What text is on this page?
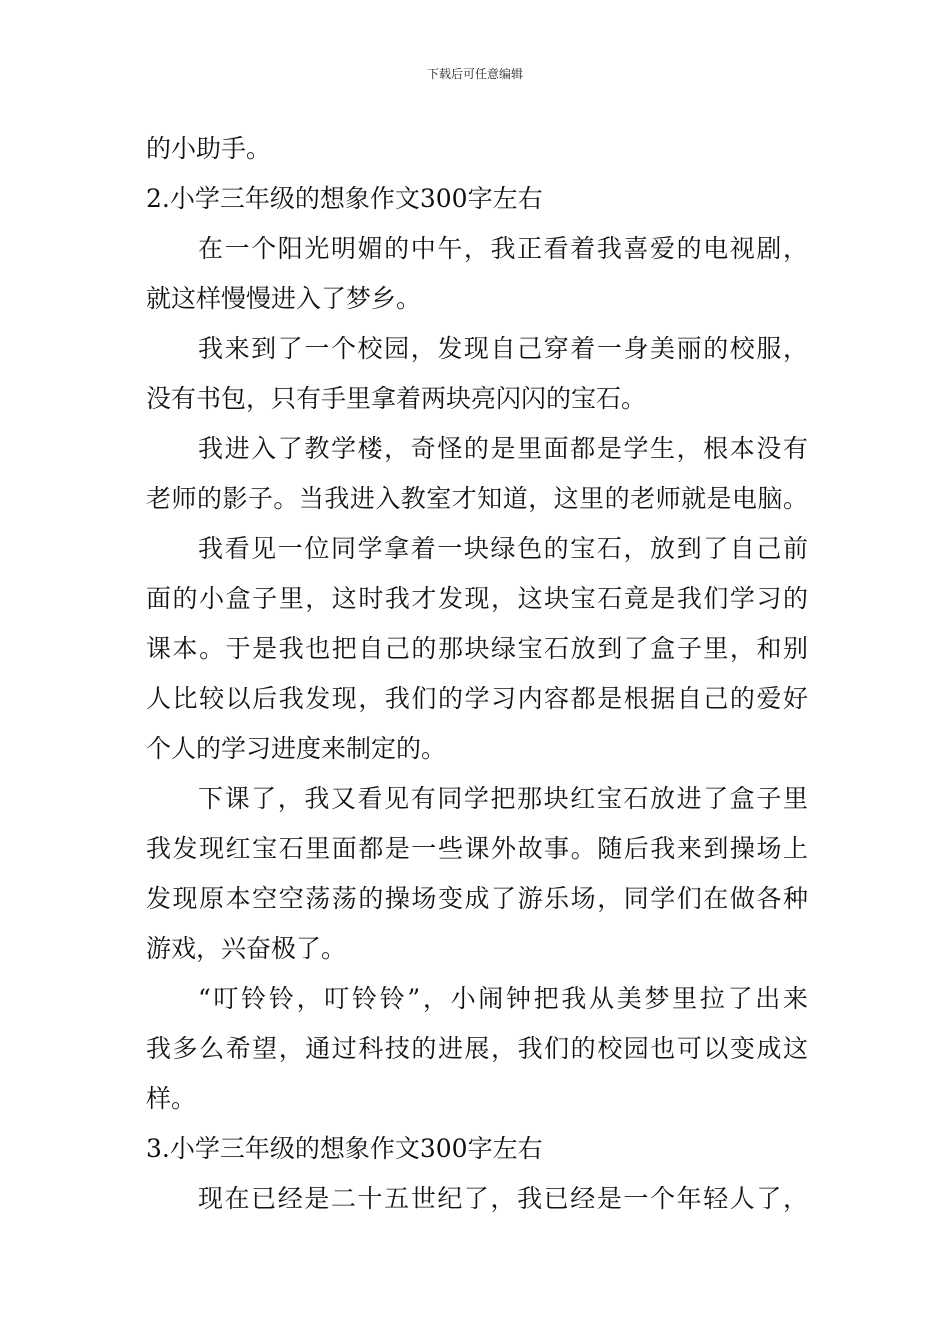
下载后可任意编辑
的小助手。
2.小学三年级的想象作文300字左右
在一个阳光明媚的中午，我正看着我喜爱的电视剧，
就这样慢慢进入了梦乡。
我来到了一个校园，发现自己穿着一身美丽的校服，
没有书包，只有手里拿着两块亮闪闪的宝石。
我进入了教学楼，奇怪的是里面都是学生，根本没有
老师的影子。当我进入教室才知道，这里的老师就是电脑。
我看见一位同学拿着一块绿色的宝石，放到了自己前
面的小盒子里，这时我才发现，这块宝石竟是我们学习的
课本。于是我也把自己的那块绿宝石放到了盒子里，和别
人比较以后我发现，我们的学习内容都是根据自己的爱好
个人的学习进度来制定的。
下课了，我又看见有同学把那块红宝石放进了盒子里
我发现红宝石里面都是一些课外故事。随后我来到操场上
发现原本空空荡荡的操场变成了游乐场，同学们在做各种
游戏，兴奋极了。
“叮铃铃，叮铃铃”，小闹钟把我从美梦里拉了出来
我多么希望，通过科技的进展，我们的校园也可以变成这
样。
3.小学三年级的想象作文300字左右
现在已经是二十五世纪了，我已经是一个年轻人了，
